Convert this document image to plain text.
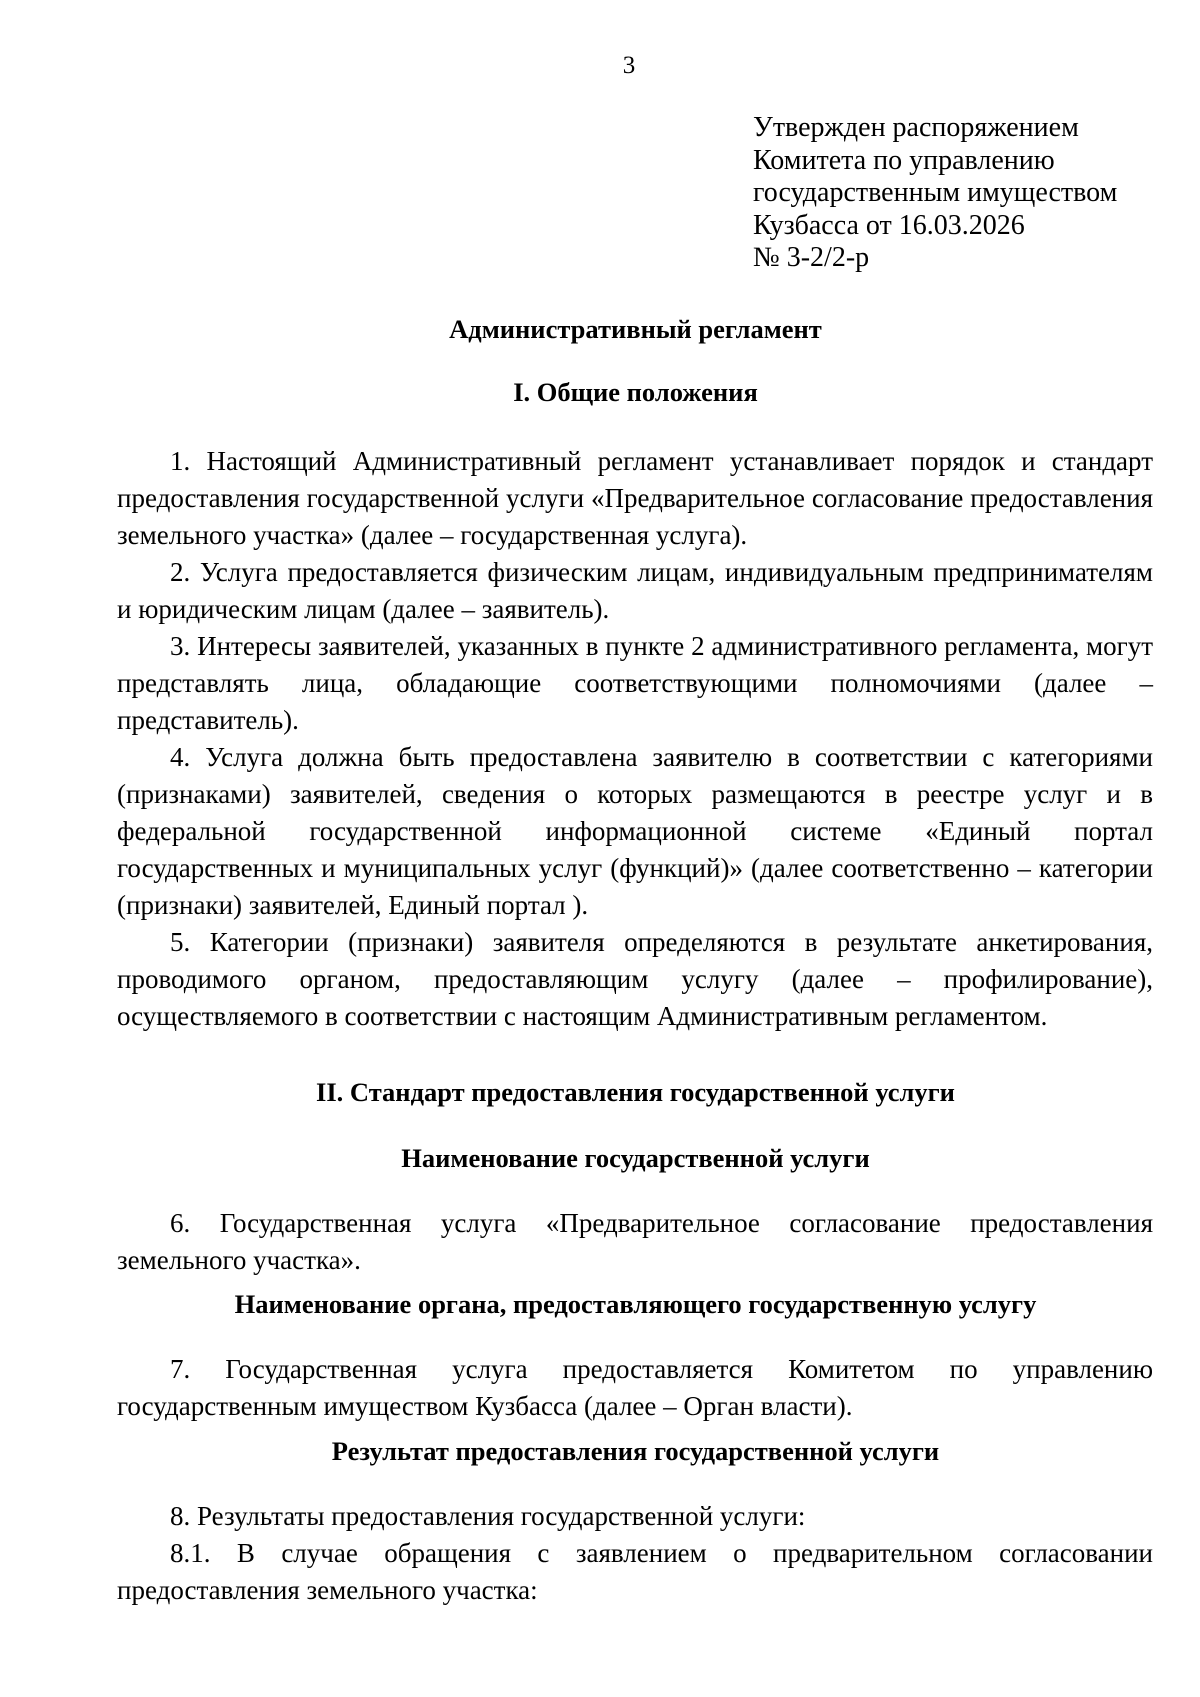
3
Утвержден распоряжением
Комитета по управлению
государственным имуществом
Кузбасса от 16.03.2026
№ 3-2/2-р
Административный регламент
I. Общие положения
1. Настоящий Административный регламент устанавливает порядок и стандарт предоставления государственной услуги «Предварительное согласование предоставления земельного участка» (далее – государственная услуга).
2. Услуга предоставляется физическим лицам, индивидуальным предпринимателям и юридическим лицам (далее – заявитель).
3. Интересы заявителей, указанных в пункте 2 административного регламента, могут представлять лица, обладающие соответствующими полномочиями (далее – представитель).
4. Услуга должна быть предоставлена заявителю в соответствии с категориями (признаками) заявителей, сведения о которых размещаются в реестре услуг и в федеральной государственной информационной системе «Единый портал государственных и муниципальных услуг (функций)» (далее соответственно – категории (признаки) заявителей, Единый портал ).
5. Категории (признаки) заявителя определяются в результате анкетирования, проводимого органом, предоставляющим услугу (далее – профилирование), осуществляемого в соответствии с настоящим Административным регламентом.
II. Стандарт предоставления государственной услуги
Наименование государственной услуги
6. Государственная услуга «Предварительное согласование предоставления земельного участка».
Наименование органа, предоставляющего государственную услугу
7. Государственная услуга предоставляется Комитетом по управлению государственным имуществом Кузбасса (далее – Орган власти).
Результат предоставления государственной услуги
8. Результаты предоставления государственной услуги:
8.1. В случае обращения с заявлением о предварительном согласовании предоставления земельного участка:
